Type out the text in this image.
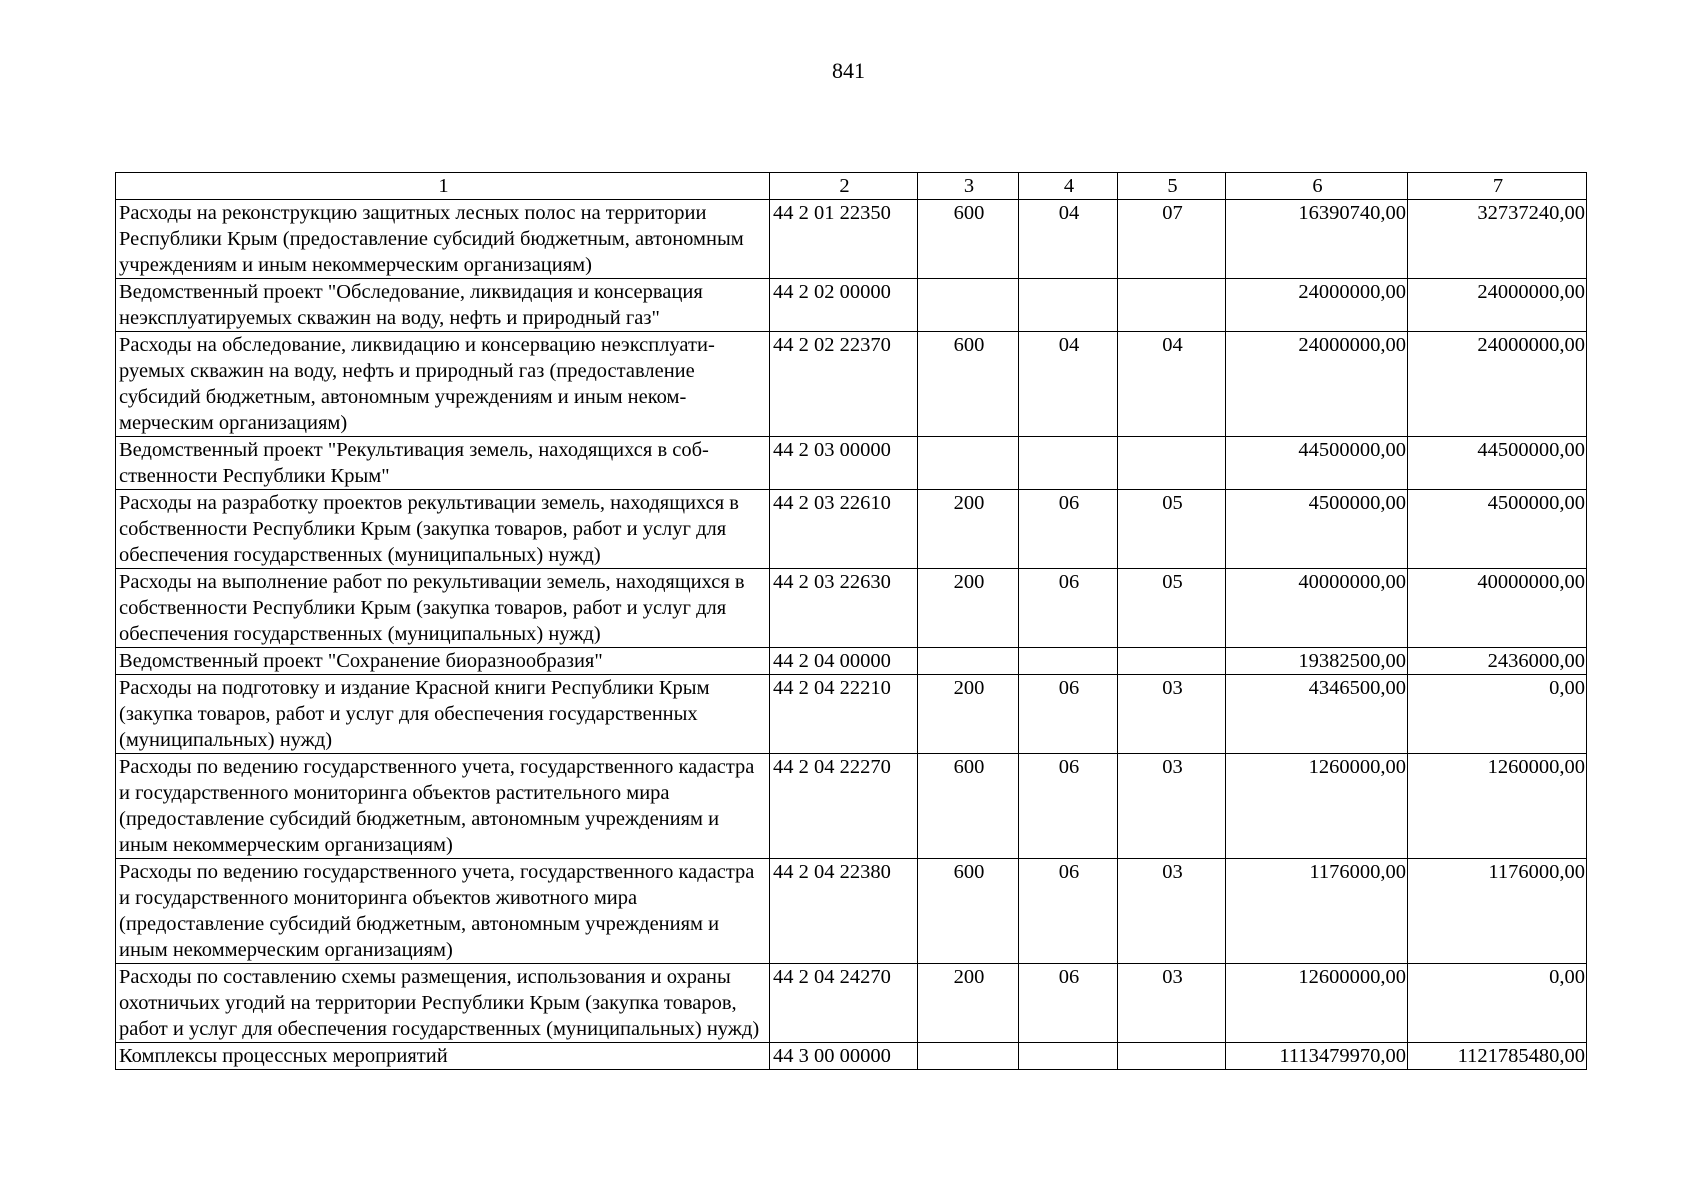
841
1	2	3	4	5	6	7
Расходы на реконструкцию защитных лесных полос на территории Республики Крым (предоставление субсидий бюджетным, автономным учреждениям и иным некоммерческим организациям)	44 2 01 22350	600	04	07	16390740,00	32737240,00
Ведомственный проект "Обследование, ликвидация и консервация неэксплуатируемых скважин на воду, нефть и природный газ"	44 2 02 00000				24000000,00	24000000,00
Расходы на обследование, ликвидацию и консервацию неэксплуатируемых скважин на воду, нефть и природный газ (предоставление субсидий бюджетным, автономным учреждениям и иным некоммерческим организациям)	44 2 02 22370	600	04	04	24000000,00	24000000,00
Ведомственный проект "Рекультивация земель, находящихся в собственности Республики Крым"	44 2 03 00000				44500000,00	44500000,00
Расходы на разработку проектов рекультивации земель, находящихся в собственности Республики Крым (закупка товаров, работ и услуг для обеспечения государственных (муниципальных) нужд)	44 2 03 22610	200	06	05	4500000,00	4500000,00
Расходы на выполнение работ по рекультивации земель, находящихся в собственности Республики Крым (закупка товаров, работ и услуг для обеспечения государственных (муниципальных) нужд)	44 2 03 22630	200	06	05	40000000,00	40000000,00
Ведомственный проект "Сохранение биоразнообразия"	44 2 04 00000				19382500,00	2436000,00
Расходы на подготовку и издание Красной книги Республики Крым (закупка товаров, работ и услуг для обеспечения государственных (муниципальных) нужд)	44 2 04 22210	200	06	03	4346500,00	0,00
Расходы по ведению государственного учета, государственного кадастра и государственного мониторинга объектов растительного мира (предоставление субсидий бюджетным, автономным учреждениям и иным некоммерческим организациям)	44 2 04 22270	600	06	03	1260000,00	1260000,00
Расходы по ведению государственного учета, государственного кадастра и государственного мониторинга объектов животного мира (предоставление субсидий бюджетным, автономным учреждениям и иным некоммерческим организациям)	44 2 04 22380	600	06	03	1176000,00	1176000,00
Расходы по составлению схемы размещения, использования и охраны охотничьих угодий на территории Республики Крым (закупка товаров, работ и услуг для обеспечения государственных (муниципальных) нужд)	44 2 04 24270	200	06	03	12600000,00	0,00
Комплексы процессных мероприятий	44 3 00 00000				1113479970,00	1121785480,00
